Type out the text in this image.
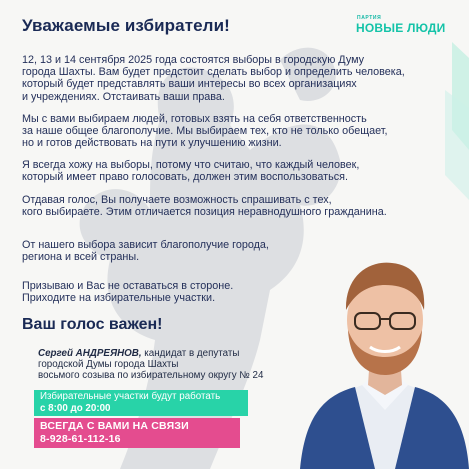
Уважаемые избиратели!	ПАРТИЯ
НОВЫЕ ЛЮДИ

12, 13 и 14 сентября 2025 года состоятся выборы в городскую Думу
города Шахты. Вам будет предстоит сделать выбор и определить человека,
который будет представлять ваши интересы во всех организациях
и учреждениях. Отстаивать ваши права.

Мы с вами выбираем людей, готовых взять на себя ответственность
за наше общее благополучие. Мы выбираем тех, кто не только обещает,
но и готов действовать на пути к улучшению жизни.

Я всегда хожу на выборы, потому что считаю, что каждый человек,
который имеет право голосовать, должен этим воспользоваться.

Отдавая голос, Вы получаете возможность спрашивать с тех,
кого выбираете. Этим отличается позиция неравнодушного гражданина.

От нашего выбора зависит благополучие города,
региона и всей страны.

Призываю и Вас не оставаться в стороне.
Приходите на избирательные участки.

Ваш голос важен!

Сергей АНДРЕЯНОВ, кандидат в депутаты
городской Думы города Шахты
восьмого созыва по избирательному округу № 24

Избирательные участки будут работать
с 8:00 до 20:00
ВСЕГДА С ВАМИ НА СВЯЗИ
8-928-61-112-16
